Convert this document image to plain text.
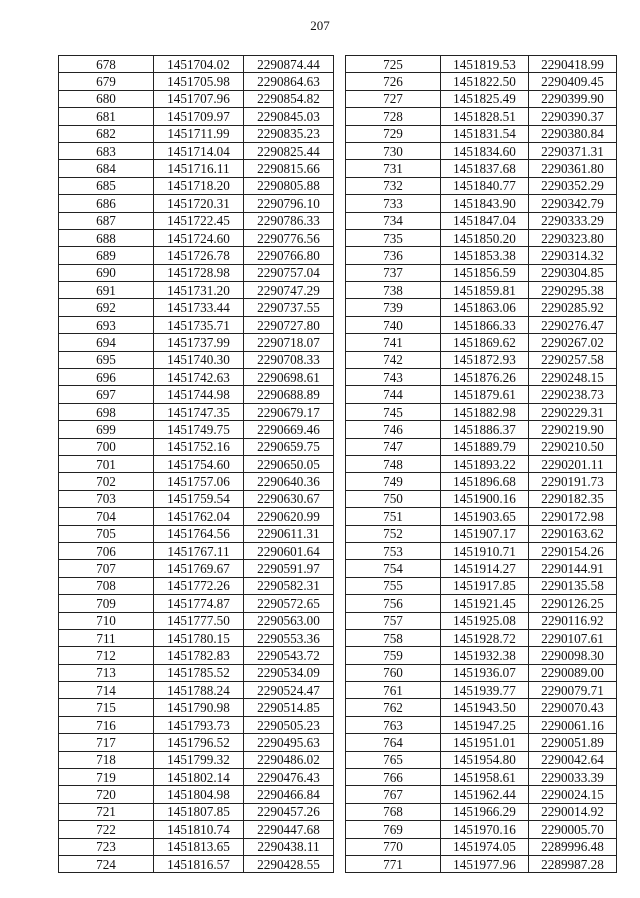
207
678	1451704.02	2290874.44
679	1451705.98	2290864.63
680	1451707.96	2290854.82
681	1451709.97	2290845.03
682	1451711.99	2290835.23
683	1451714.04	2290825.44
684	1451716.11	2290815.66
685	1451718.20	2290805.88
686	1451720.31	2290796.10
687	1451722.45	2290786.33
688	1451724.60	2290776.56
689	1451726.78	2290766.80
690	1451728.98	2290757.04
691	1451731.20	2290747.29
692	1451733.44	2290737.55
693	1451735.71	2290727.80
694	1451737.99	2290718.07
695	1451740.30	2290708.33
696	1451742.63	2290698.61
697	1451744.98	2290688.89
698	1451747.35	2290679.17
699	1451749.75	2290669.46
700	1451752.16	2290659.75
701	1451754.60	2290650.05
702	1451757.06	2290640.36
703	1451759.54	2290630.67
704	1451762.04	2290620.99
705	1451764.56	2290611.31
706	1451767.11	2290601.64
707	1451769.67	2290591.97
708	1451772.26	2290582.31
709	1451774.87	2290572.65
710	1451777.50	2290563.00
711	1451780.15	2290553.36
712	1451782.83	2290543.72
713	1451785.52	2290534.09
714	1451788.24	2290524.47
715	1451790.98	2290514.85
716	1451793.73	2290505.23
717	1451796.52	2290495.63
718	1451799.32	2290486.02
719	1451802.14	2290476.43
720	1451804.98	2290466.84
721	1451807.85	2290457.26
722	1451810.74	2290447.68
723	1451813.65	2290438.11
724	1451816.57	2290428.55
725	1451819.53	2290418.99
726	1451822.50	2290409.45
727	1451825.49	2290399.90
728	1451828.51	2290390.37
729	1451831.54	2290380.84
730	1451834.60	2290371.31
731	1451837.68	2290361.80
732	1451840.77	2290352.29
733	1451843.90	2290342.79
734	1451847.04	2290333.29
735	1451850.20	2290323.80
736	1451853.38	2290314.32
737	1451856.59	2290304.85
738	1451859.81	2290295.38
739	1451863.06	2290285.92
740	1451866.33	2290276.47
741	1451869.62	2290267.02
742	1451872.93	2290257.58
743	1451876.26	2290248.15
744	1451879.61	2290238.73
745	1451882.98	2290229.31
746	1451886.37	2290219.90
747	1451889.79	2290210.50
748	1451893.22	2290201.11
749	1451896.68	2290191.73
750	1451900.16	2290182.35
751	1451903.65	2290172.98
752	1451907.17	2290163.62
753	1451910.71	2290154.26
754	1451914.27	2290144.91
755	1451917.85	2290135.58
756	1451921.45	2290126.25
757	1451925.08	2290116.92
758	1451928.72	2290107.61
759	1451932.38	2290098.30
760	1451936.07	2290089.00
761	1451939.77	2290079.71
762	1451943.50	2290070.43
763	1451947.25	2290061.16
764	1451951.01	2290051.89
765	1451954.80	2290042.64
766	1451958.61	2290033.39
767	1451962.44	2290024.15
768	1451966.29	2290014.92
769	1451970.16	2290005.70
770	1451974.05	2289996.48
771	1451977.96	2289987.28
